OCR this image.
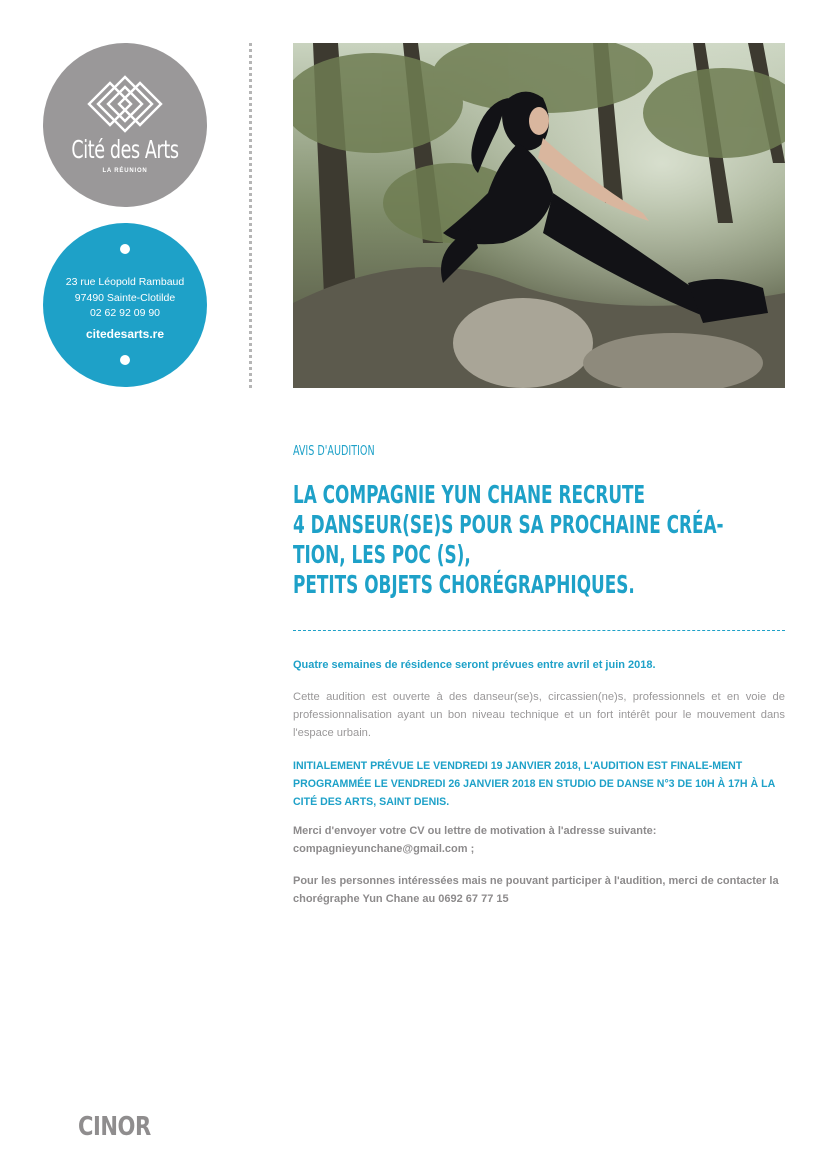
Cité des Arts
LA RÉUNION
23 rue Léopold Rambaud
97490 Sainte-Clotilde
02 62 92 09 90
citedesarts.re

AVIS D'AUDITION

LA COMPAGNIE YUN CHANE RECRUTE
4 DANSEUR(SE)S POUR SA PROCHAINE CRÉA-
TION, LES POC (S),
PETITS OBJETS CHORÉGRAPHIQUES.

Quatre semaines de résidence seront prévues entre avril et juin 2018.

Cette audition est ouverte à des danseur(se)s, circassien(ne)s, professionnels et en voie de professionnalisation ayant un bon niveau technique et un fort intérêt pour le mouvement dans l'espace urbain.

INITIALEMENT PRÉVUE LE VENDREDI 19 JANVIER 2018, L'AUDITION EST FINALE-MENT PROGRAMMÉE LE VENDREDI 26 JANVIER 2018 EN STUDIO DE DANSE N°3 DE 10H À 17H À LA CITÉ DES ARTS, SAINT DENIS.

Merci d'envoyer votre CV ou lettre de motivation à l'adresse suivante:
compagnieyunchane@gmail.com ;

Pour les personnes intéressées mais ne pouvant participer à l'audition, merci de contacter la chorégraphe Yun Chane au 0692 67 77 15

CINOR
